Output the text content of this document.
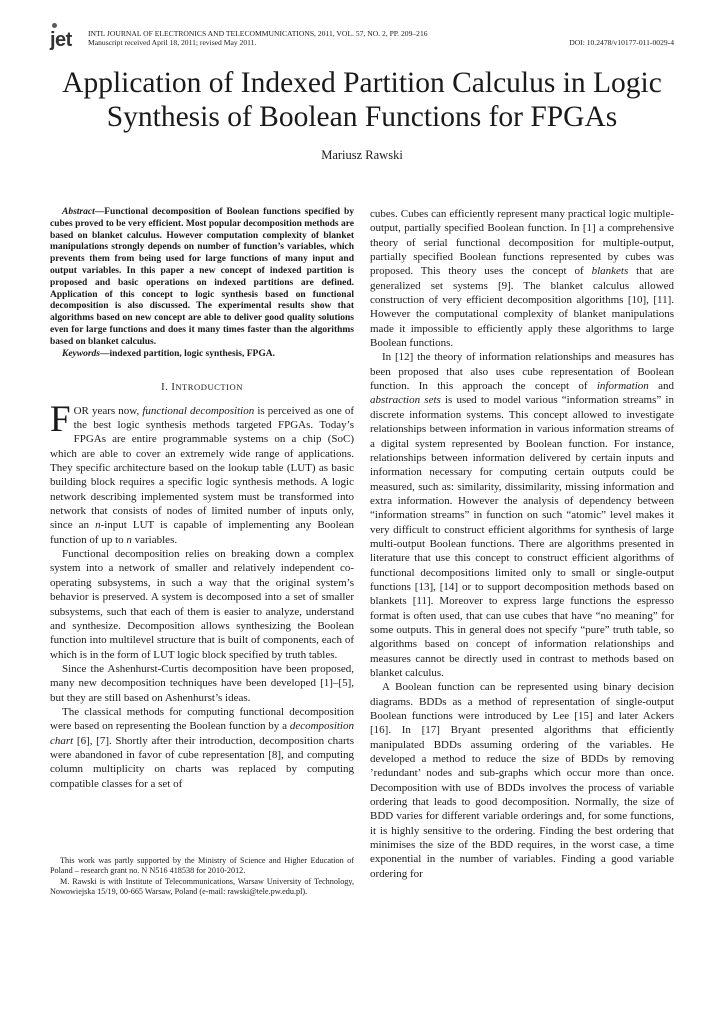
jet INTL JOURNAL OF ELECTRONICS AND TELECOMMUNICATIONS, 2011, VOL. 57, NO. 2, PP. 209–216
Manuscript received April 18, 2011; revised May 2011.	DOI: 10.2478/v10177-011-0029-4
Application of Indexed Partition Calculus in Logic Synthesis of Boolean Functions for FPGAs
Mariusz Rawski

Abstract—Functional decomposition of Boolean functions specified by cubes proved to be very efficient. Most popular decomposition methods are based on blanket calculus. However computation complexity of blanket manipulations strongly depends on number of function’s variables, which prevents them from being used for large functions of many input and output variables. In this paper a new concept of indexed partition is proposed and basic operations on indexed partitions are defined. Application of this concept to logic synthesis based on functional decomposition is also discussed. The experimental results show that algorithms based on new concept are able to deliver good quality solutions even for large functions and does it many times faster than the algorithms based on blanket calculus.

Keywords—indexed partition, logic synthesis, FPGA.

I. INTRODUCTION

FOR years now, functional decomposition is perceived as one of the best logic synthesis methods targeted FPGAs. Today’s FPGAs are entire programmable systems on a chip (SoC) which are able to cover an extremely wide range of applications. They specific architecture based on the lookup table (LUT) as basic building block requires a specific logic synthesis methods. A logic network describing implemented system must be transformed into network that consists of nodes of limited number of inputs only, since an n-input LUT is capable of implementing any Boolean function of up to n variables.

Functional decomposition relies on breaking down a complex system into a network of smaller and relatively independent co-operating subsystems, in such a way that the original system’s behavior is preserved. A system is decomposed into a set of smaller subsystems, such that each of them is easier to analyze, understand and synthesize. Decomposition allows synthesizing the Boolean function into multilevel structure that is built of components, each of which is in the form of LUT logic block specified by truth tables.

Since the Ashenhurst-Curtis decomposition have been proposed, many new decomposition techniques have been developed [1]–[5], but they are still based on Ashenhurst’s ideas.

The classical methods for computing functional decomposition were based on representing the Boolean function by a decomposition chart [6], [7]. Shortly after their introduction, decomposition charts were abandoned in favor of cube representation [8], and computing column multiplicity on charts was replaced by computing compatible classes for a set of

This work was partly supported by the Ministry of Science and Higher Education of Poland – research grant no. N N516 418538 for 2010-2012.

M. Rawski is with Institute of Telecommunications, Warsaw University of Technology, Nowowiejska 15/19, 00-665 Warsaw, Poland (e-mail: rawski@tele.pw.edu.pl).

cubes. Cubes can efficiently represent many practical logic multiple-output, partially specified Boolean function. In [1] a comprehensive theory of serial functional decomposition for multiple-output, partially specified Boolean functions represented by cubes was proposed. This theory uses the concept of blankets that are generalized set systems [9]. The blanket calculus allowed construction of very efficient decomposition algorithms [10], [11]. However the computational complexity of blanket manipulations made it impossible to efficiently apply these algorithms to large Boolean functions.

In [12] the theory of information relationships and measures has been proposed that also uses cube representation of Boolean function. In this approach the concept of information and abstraction sets is used to model various “information streams” in discrete information systems. This concept allowed to investigate relationships between information in various information streams of a digital system represented by Boolean function. For instance, relationships between information delivered by certain inputs and information necessary for computing certain outputs could be measured, such as: similarity, dissimilarity, missing information and extra information. However the analysis of dependency between “information streams” in function on such “atomic” level makes it very difficult to construct efficient algorithms for synthesis of large multi-output Boolean functions. There are algorithms presented in literature that use this concept to construct efficient algorithms of functional decompositions limited only to small or single-output functions [13], [14] or to support decomposition methods based on blankets [11]. Moreover to express large functions the espresso format is often used, that can use cubes that have “no meaning” for some outputs. This in general does not specify “pure” truth table, so algorithms based on concept of information relationships and measures cannot be directly used in contrast to methods based on blanket calculus.

A Boolean function can be represented using binary decision diagrams. BDDs as a method of representation of single-output Boolean functions were introduced by Lee [15] and later Ackers [16]. In [17] Bryant presented algorithms that efficiently manipulated BDDs assuming ordering of the variables. He developed a method to reduce the size of BDDs by removing ’redundant’ nodes and sub-graphs which occur more than once. Decomposition with use of BDDs involves the process of variable ordering that leads to good decomposition. Normally, the size of BDD varies for different variable orderings and, for some functions, it is highly sensitive to the ordering. Finding the best ordering that minimises the size of the BDD requires, in the worst case, a time exponential in the number of variables. Finding a good variable ordering for
